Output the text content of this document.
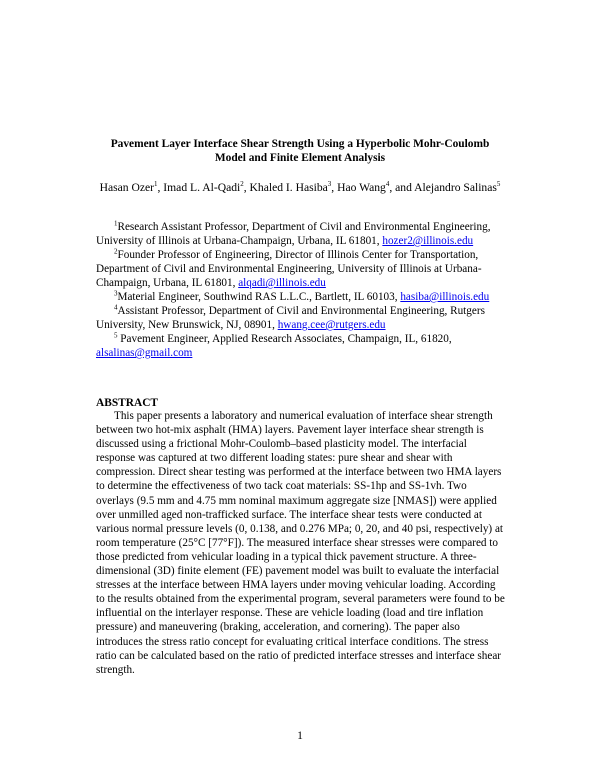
Pavement Layer Interface Shear Strength Using a Hyperbolic Mohr-Coulomb
Model and Finite Element Analysis
Hasan Ozer$^1$, Imad L. Al-Qadi$^2$, Khaled I. Hasiba$^3$, Hao Wang$^4$, and Alejandro Salinas$^5$
$^1$Research Assistant Professor, Department of Civil and Environmental Engineering, University of Illinois at Urbana-Champaign, Urbana, IL 61801, hozer2@illinois.edu
$^2$Founder Professor of Engineering, Director of Illinois Center for Transportation, Department of Civil and Environmental Engineering, University of Illinois at Urbana-Champaign, Urbana, IL 61801, alqadi@illinois.edu
$^3$Material Engineer, Southwind RAS L.L.C., Bartlett, IL 60103, hasiba@illinois.edu
$^4$Assistant Professor, Department of Civil and Environmental Engineering, Rutgers University, New Brunswick, NJ, 08901, hwang.cee@rutgers.edu
$^5$ Pavement Engineer, Applied Research Associates, Champaign, IL, 61820, alsalinas@gmail.com
ABSTRACT

This paper presents a laboratory and numerical evaluation of interface shear strength between two hot-mix asphalt (HMA) layers. Pavement layer interface shear strength is discussed using a frictional Mohr-Coulomb–based plasticity model. The interfacial response was captured at two different loading states: pure shear and shear with compression. Direct shear testing was performed at the interface between two HMA layers to determine the effectiveness of two tack coat materials: SS-1hp and SS-1vh. Two overlays (9.5 mm and 4.75 mm nominal maximum aggregate size [NMAS]) were applied over unmilled aged non-trafficked surface. The interface shear tests were conducted at various normal pressure levels (0, 0.138, and 0.276 MPa; 0, 20, and 40 psi, respectively) at room temperature (25°C [77°F]). The measured interface shear stresses were compared to those predicted from vehicular loading in a typical thick pavement structure. A three-dimensional (3D) finite element (FE) pavement model was built to evaluate the interfacial stresses at the interface between HMA layers under moving vehicular loading. According to the results obtained from the experimental program, several parameters were found to be influential on the interlayer response. These are vehicle loading (load and tire inflation pressure) and maneuvering (braking, acceleration, and cornering). The paper also introduces the stress ratio concept for evaluating critical interface conditions. The stress ratio can be calculated based on the ratio of predicted interface stresses and interface shear strength.

1
